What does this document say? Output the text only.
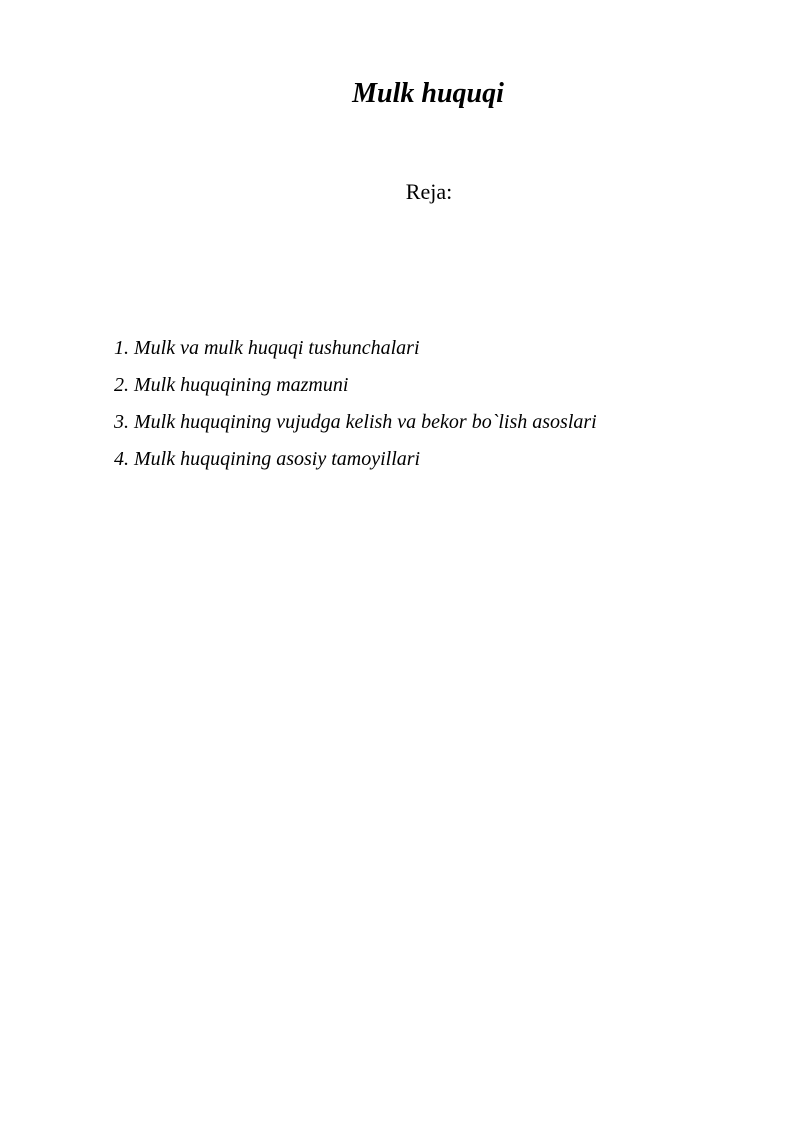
Mulk huquqi

Reja:

1. Mulk va mulk huquqi tushunchalari
2. Mulk huquqining mazmuni
3. Mulk huquqining vujudga kelish va bekor bo`lish asoslari
4. Mulk huquqining asosiy tamoyillari
